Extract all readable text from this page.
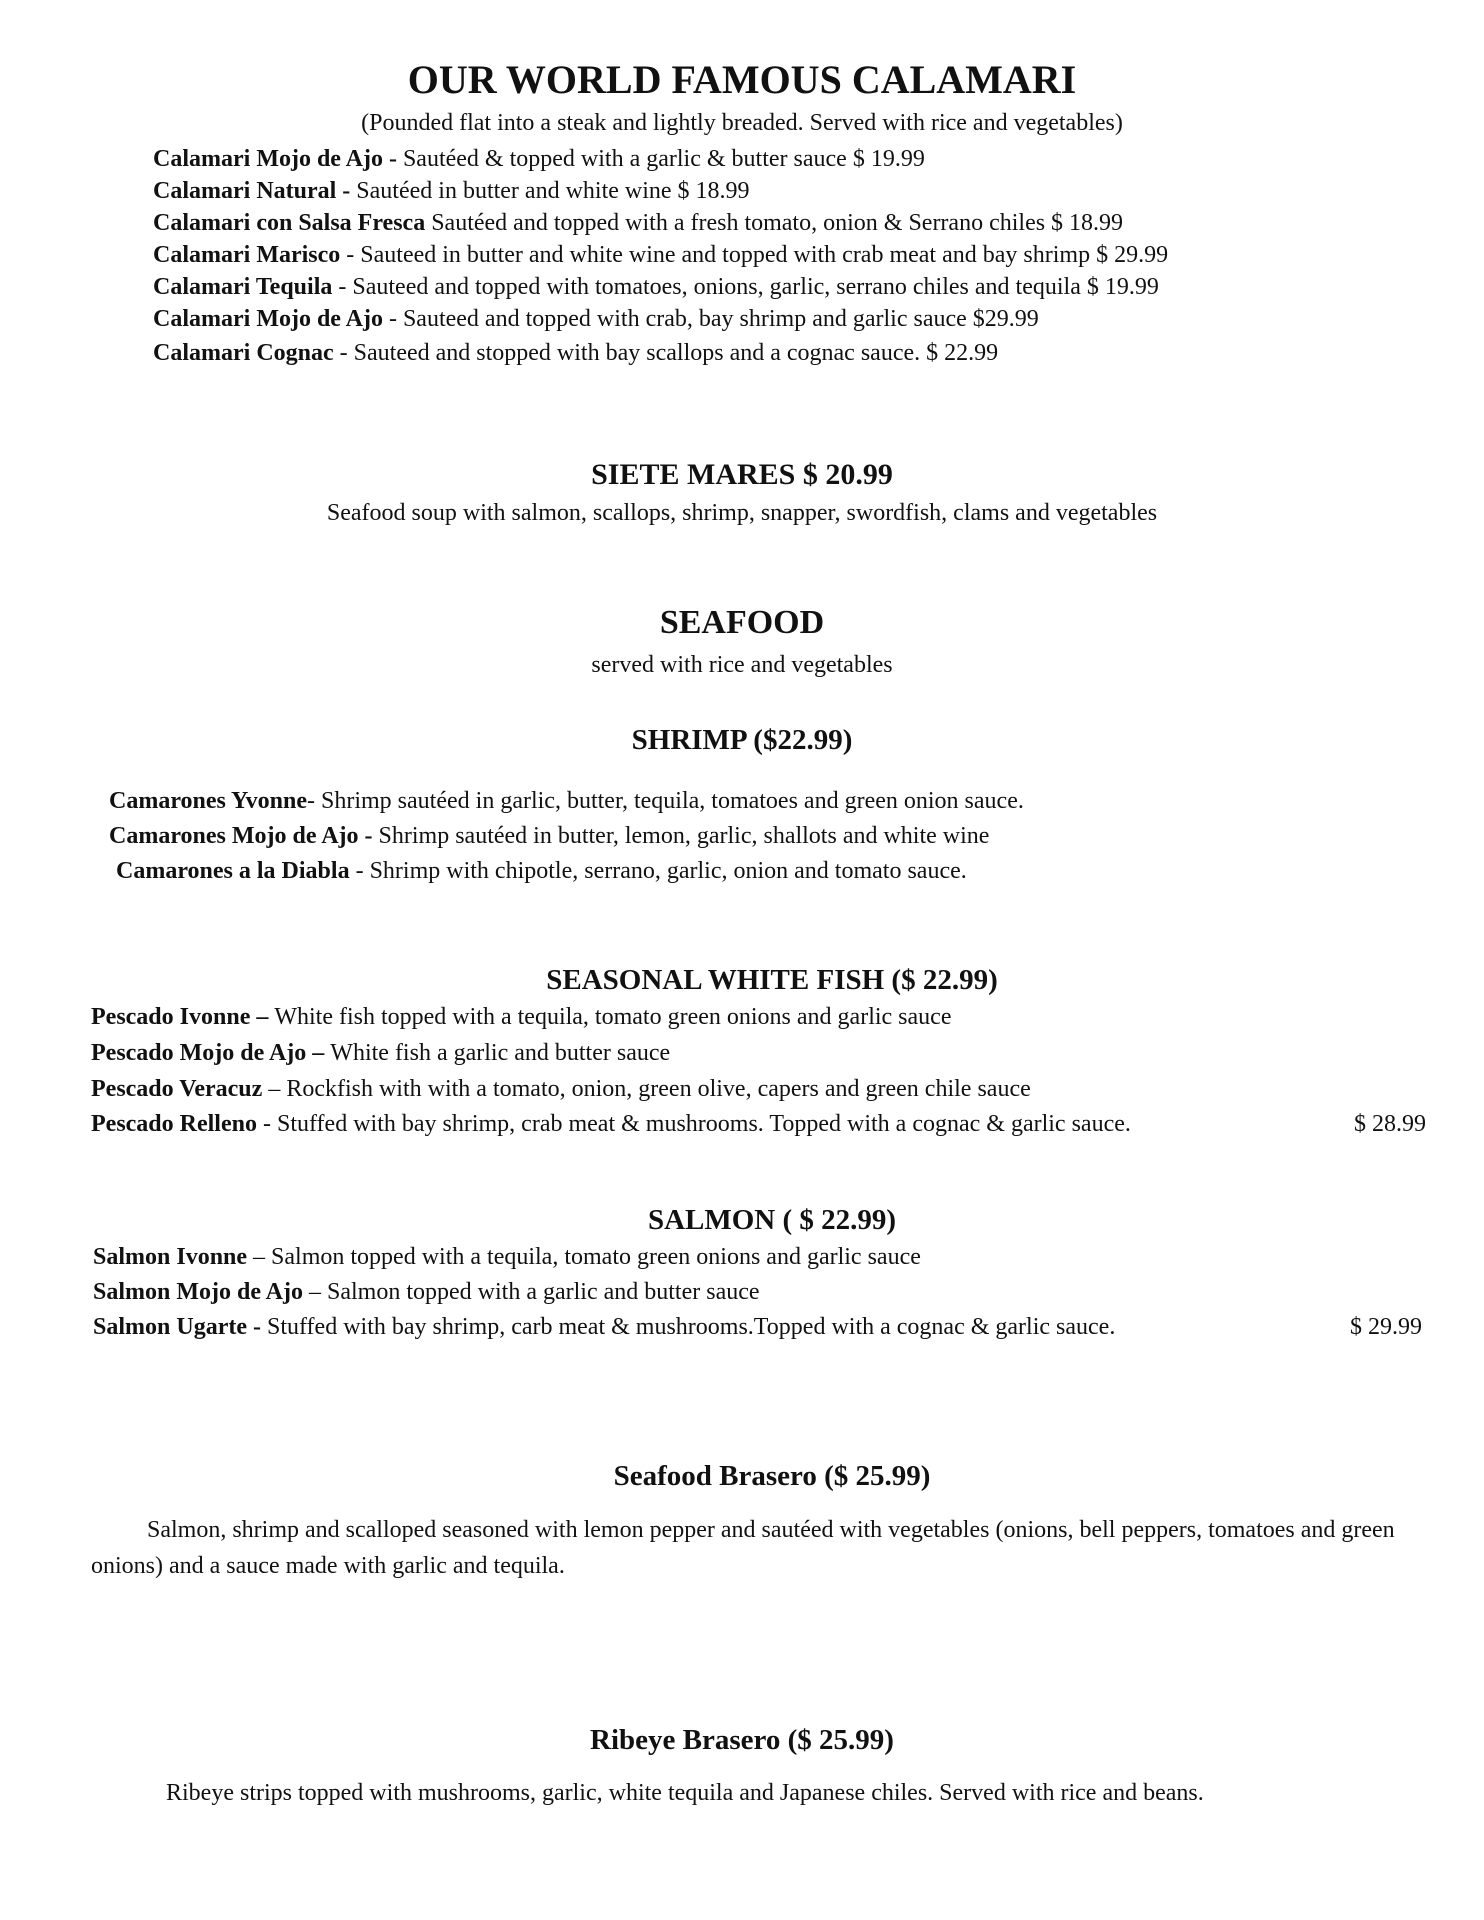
OUR WORLD FAMOUS CALAMARI
(Pounded flat into a steak and lightly breaded. Served with rice and vegetables)
Calamari Mojo de Ajo - Sautéed & topped with a garlic & butter sauce $ 19.99
Calamari Natural - Sautéed in butter and white wine $ 18.99
Calamari con Salsa Fresca Sautéed and topped with a fresh tomato, onion & Serrano chiles $ 18.99
Calamari Marisco - Sauteed in butter and white wine and topped with crab meat and bay shrimp $ 29.99
Calamari Tequila - Sauteed and topped with tomatoes, onions, garlic, serrano chiles and tequila $ 19.99
Calamari Mojo de Ajo - Sauteed and topped with crab, bay shrimp and garlic sauce $29.99
Calamari Cognac - Sauteed and stopped with bay scallops and a cognac sauce. $ 22.99
SIETE MARES $ 20.99
Seafood soup with salmon, scallops, shrimp, snapper, swordfish, clams and vegetables
SEAFOOD
served with rice and vegetables
SHRIMP ($22.99)
Camarones Yvonne- Shrimp sautéed in garlic, butter, tequila, tomatoes and green onion sauce.
Camarones Mojo de Ajo - Shrimp sautéed in butter, lemon, garlic, shallots and white wine
Camarones a la Diabla - Shrimp with chipotle, serrano, garlic, onion and tomato sauce.
SEASONAL WHITE FISH ($ 22.99)
Pescado Ivonne – White fish topped with a tequila, tomato green onions and garlic sauce
Pescado Mojo de Ajo – White fish a garlic and butter sauce
Pescado Veracuz – Rockfish with with a tomato, onion, green olive, capers and green chile sauce
Pescado Relleno - Stuffed with bay shrimp, crab meat & mushrooms. Topped with a cognac & garlic sauce.	$ 28.99
SALMON ( $ 22.99)
Salmon Ivonne – Salmon topped with a tequila, tomato green onions and garlic sauce
Salmon Mojo de Ajo – Salmon topped with a garlic and butter sauce
Salmon Ugarte - Stuffed with bay shrimp, carb meat & mushrooms.Topped with a cognac & garlic sauce.	$ 29.99
Seafood Brasero ($ 25.99)
Salmon, shrimp and scalloped seasoned with lemon pepper and sautéed with vegetables (onions, bell peppers, tomatoes and green onions) and a sauce made with garlic and tequila.
Ribeye Brasero ($ 25.99)
Ribeye strips topped with mushrooms, garlic, white tequila and Japanese chiles. Served with rice and beans.
